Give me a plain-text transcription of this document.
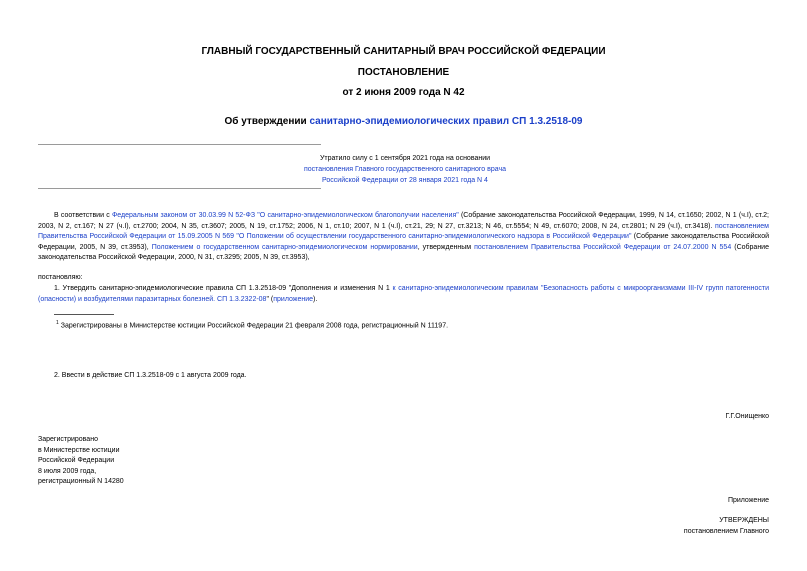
ГЛАВНЫЙ ГОСУДАРСТВЕННЫЙ САНИТАРНЫЙ ВРАЧ РОССИЙСКОЙ ФЕДЕРАЦИИ
ПОСТАНОВЛЕНИЕ
от 2 июня 2009 года N 42
Об утверждении санитарно-эпидемиологических правил СП 1.3.2518-09
Утратило силу с 1 сентября 2021 года на основании
постановления Главного государственного санитарного врача
Российской Федерации от 28 января 2021 года N 4
В соответствии с Федеральным законом от 30.03.99 N 52-ФЗ "О санитарно-эпидемиологическом благополучии населения" (Собрание законодательства Российской Федерации, 1999, N 14, ст.1650; 2002, N 1 (ч.I), ст.2; 2003, N 2, ст.167; N 27 (ч.I), ст.2700; 2004, N 35, ст.3607; 2005, N 19, ст.1752; 2006, N 1, ст.10; 2007, N 1 (ч.I), ст.21, 29; N 27, ст.3213; N 46, ст.5554; N 49, ст.6070; 2008, N 24, ст.2801; N 29 (ч.I), ст.3418). постановлением Правительства Российской Федерации от 15.09.2005 N 569 "О Положении об осуществлении государственного санитарно-эпидемиологического надзора в Российской Федерации" (Собрание законодательства Российской Федерации, 2005, N 39, ст.3953), Положением о государственном санитарно-эпидемиологическом нормировании, утвержденным постановлением Правительства Российской Федерации от 24.07.2000 N 554 (Собрание законодательства Российской Федерации, 2000, N 31, ст.3295; 2005, N 39, ст.3953),
постановляю:
1. Утвердить санитарно-эпидемиологические правила СП 1.3.2518-09 "Дополнения и изменения N 1 к санитарно-эпидемиологическим правилам "Безопасность работы с микроорганизмами III-IV групп патогенности (опасности) и возбудителями паразитарных болезней. СП 1.3.2322-08" (приложение).
$^1$ Зарегистрированы в Министерстве юстиции Российской Федерации 21 февраля 2008 года, регистрационный N 11197.
2. Ввести в действие СП 1.3.2518-09 с 1 августа 2009 года.
Г.Г.Онищенко
Зарегистрировано
в Министерстве юстиции
Российской Федерации
8 июля 2009 года,
регистрационный N 14280
Приложение
УТВЕРЖДЕНЫ
постановлением Главного
